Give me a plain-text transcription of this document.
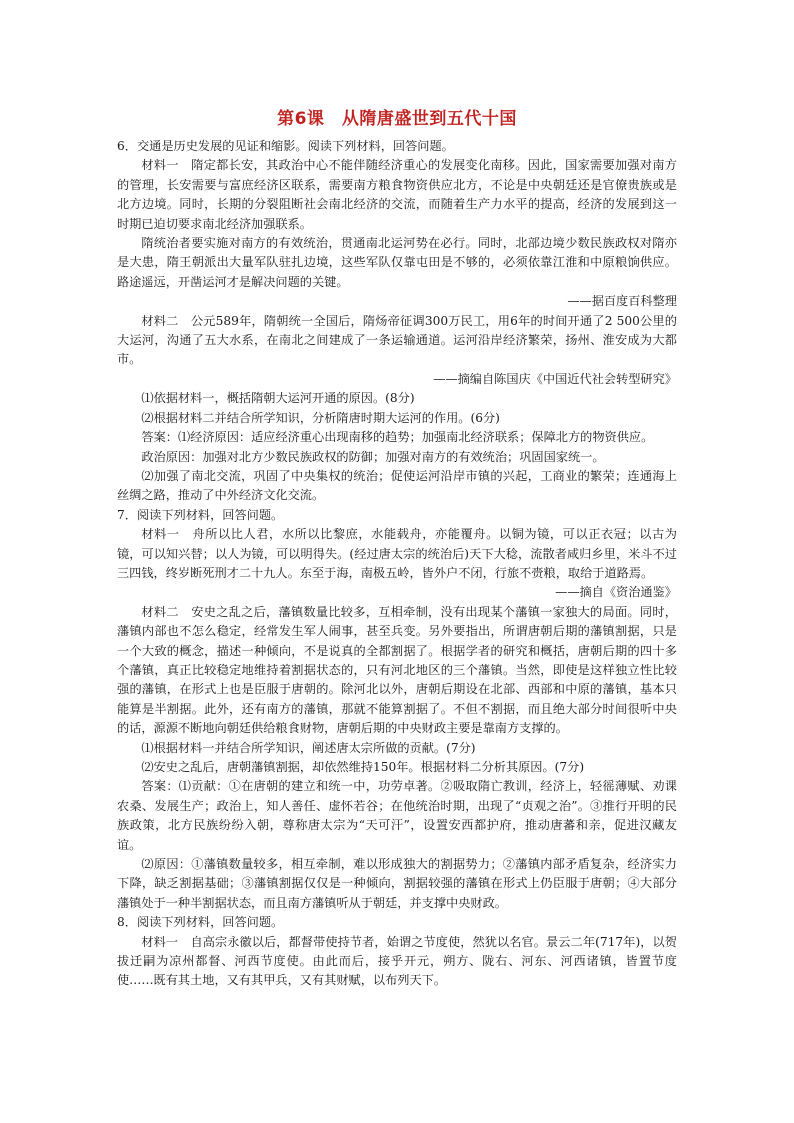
第6课　从隋唐盛世到五代十国

6．交通是历史发展的见证和缩影。阅读下列材料，回答问题。

材料一　隋定都长安，其政治中心不能伴随经济重心的发展变化南移。因此，国家需要加强对南方的管理，长安需要与富庶经济区联系，需要南方粮食物资供应北方，不论是中央朝廷还是官僚贵族或是北方边境。同时，长期的分裂阻断社会南北经济的交流，而随着生产力水平的提高，经济的发展到这一时期已迫切要求南北经济加强联系。

隋统治者要实施对南方的有效统治，贯通南北运河势在必行。同时，北部边境少数民族政权对隋亦是大患，隋王朝派出大量军队驻扎边境，这些军队仅靠屯田是不够的，必须依靠江淮和中原粮饷供应。路途遥远，开凿运河才是解决问题的关键。

——据百度百科整理

材料二　公元589年，隋朝统一全国后，隋炀帝征调300万民工，用6年的时间开通了2 500公里的大运河，沟通了五大水系，在南北之间建成了一条运输通道。运河沿岸经济繁荣，扬州、淮安成为大都市。

——摘编自陈国庆《中国近代社会转型研究》

⑴依据材料一，概括隋朝大运河开通的原因。(8分)

⑵根据材料二并结合所学知识，分析隋唐时期大运河的作用。(6分)

答案：⑴经济原因：适应经济重心出现南移的趋势；加强南北经济联系；保障北方的物资供应。

政治原因：加强对北方少数民族政权的防御；加强对南方的有效统治；巩固国家统一。

⑵加强了南北交流，巩固了中央集权的统治；促使运河沿岸市镇的兴起，工商业的繁荣；连通海上丝绸之路，推动了中外经济文化交流。

7．阅读下列材料，回答问题。

材料一　舟所以比人君，水所以比黎庶，水能载舟，亦能覆舟。以铜为镜，可以正衣冠；以古为镜，可以知兴替；以人为镜，可以明得失。(经过唐太宗的统治后)天下大稔，流散者咸归乡里，米斗不过三四钱，终岁断死刑才二十九人。东至于海，南极五岭，皆外户不闭，行旅不赍粮，取给于道路焉。

——摘自《资治通鉴》

材料二　安史之乱之后，藩镇数量比较多，互相牵制，没有出现某个藩镇一家独大的局面。同时，藩镇内部也不怎么稳定，经常发生军人闹事，甚至兵变。另外要指出，所谓唐朝后期的藩镇割据，只是一个大致的概念，描述一种倾向，不是说真的全都割据了。根据学者的研究和概括，唐朝后期的四十多个藩镇，真正比较稳定地维持着割据状态的，只有河北地区的三个藩镇。当然，即使是这样独立性比较强的藩镇，在形式上也是臣服于唐朝的。除河北以外，唐朝后期设在北部、西部和中原的藩镇，基本只能算是半割据。此外，还有南方的藩镇，那就不能算割据了。不但不割据，而且绝大部分时间很听中央的话，源源不断地向朝廷供给粮食财物，唐朝后期的中央财政主要是靠南方支撑的。

⑴根据材料一并结合所学知识，阐述唐太宗所做的贡献。(7分)

⑵安史之乱后，唐朝藩镇割据，却依然维持150年。根据材料二分析其原因。(7分)

答案：⑴贡献：①在唐朝的建立和统一中，功劳卓著。②吸取隋亡教训，经济上，轻徭薄赋、劝课农桑、发展生产；政治上，知人善任、虚怀若谷；在他统治时期，出现了“贞观之治”。③推行开明的民族政策，北方民族纷纷入朝，尊称唐太宗为“天可汗”，设置安西都护府，推动唐蕃和亲，促进汉藏友谊。

⑵原因：①藩镇数量较多，相互牵制，难以形成独大的割据势力；②藩镇内部矛盾复杂，经济实力下降，缺乏割据基础；③藩镇割据仅仅是一种倾向，割据较强的藩镇在形式上仍臣服于唐朝；④大部分藩镇处于一种半割据状态，而且南方藩镇听从于朝廷，并支撑中央财政。

8．阅读下列材料，回答问题。

材料一　自高宗永徽以后，都督带使持节者，始谓之节度使，然犹以名官。景云二年(717年)，以贺拔迁嗣为凉州都督、河西节度使。由此而后，接乎开元，朔方、陇右、河东、河西诸镇，皆置节度使……既有其土地，又有其甲兵，又有其财赋，以布列天下。
